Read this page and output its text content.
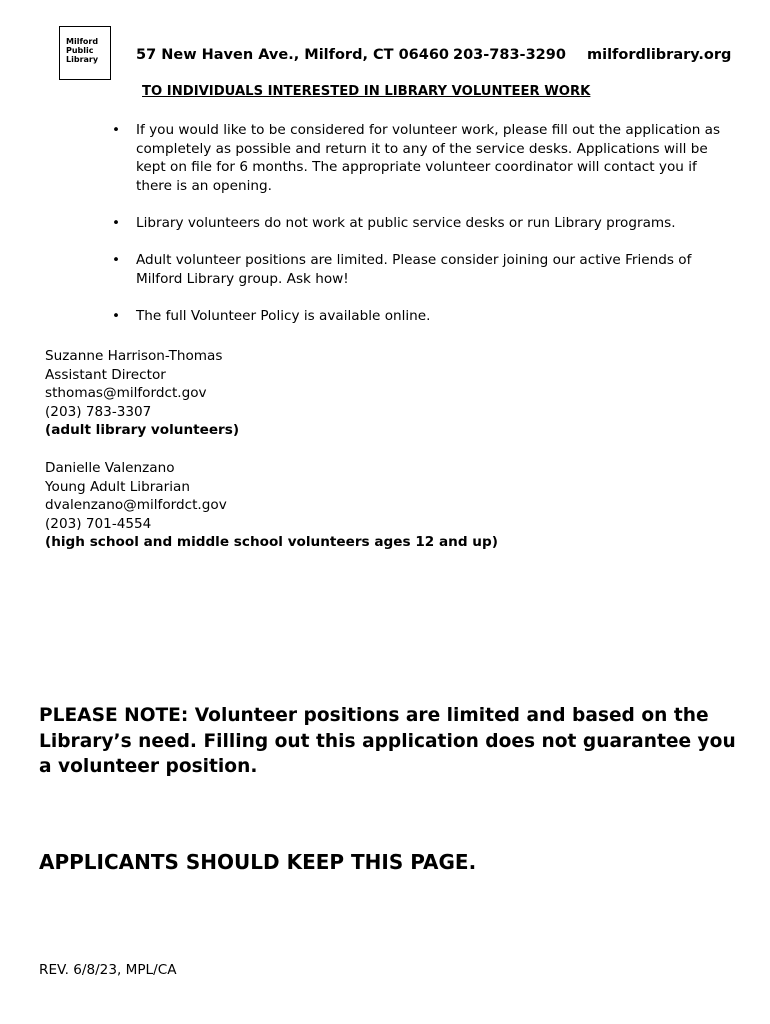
Milford
Public
Library	57 New Haven Ave., Milford, CT 06460 203-783-3290 milfordlibrary.org
TO INDIVIDUALS INTERESTED IN LIBRARY VOLUNTEER WORK
• If you would like to be considered for volunteer work, please fill out the application as completely as possible and return it to any of the service desks. Applications will be kept on file for 6 months. The appropriate volunteer coordinator will contact you if there is an opening.
• Library volunteers do not work at public service desks or run Library programs.
• Adult volunteer positions are limited. Please consider joining our active Friends of Milford Library group. Ask how!
• The full Volunteer Policy is available online.
Suzanne Harrison-Thomas
Assistant Director
sthomas@milfordct.gov
(203) 783-3307
(adult library volunteers)
Danielle Valenzano
Young Adult Librarian
dvalenzano@milfordct.gov
(203) 701-4554
(high school and middle school volunteers ages 12 and up)
PLEASE NOTE: Volunteer positions are limited and based on the Library’s need. Filling out this application does not guarantee you a volunteer position.
APPLICANTS SHOULD KEEP THIS PAGE.
REV. 6/8/23, MPL/CA
